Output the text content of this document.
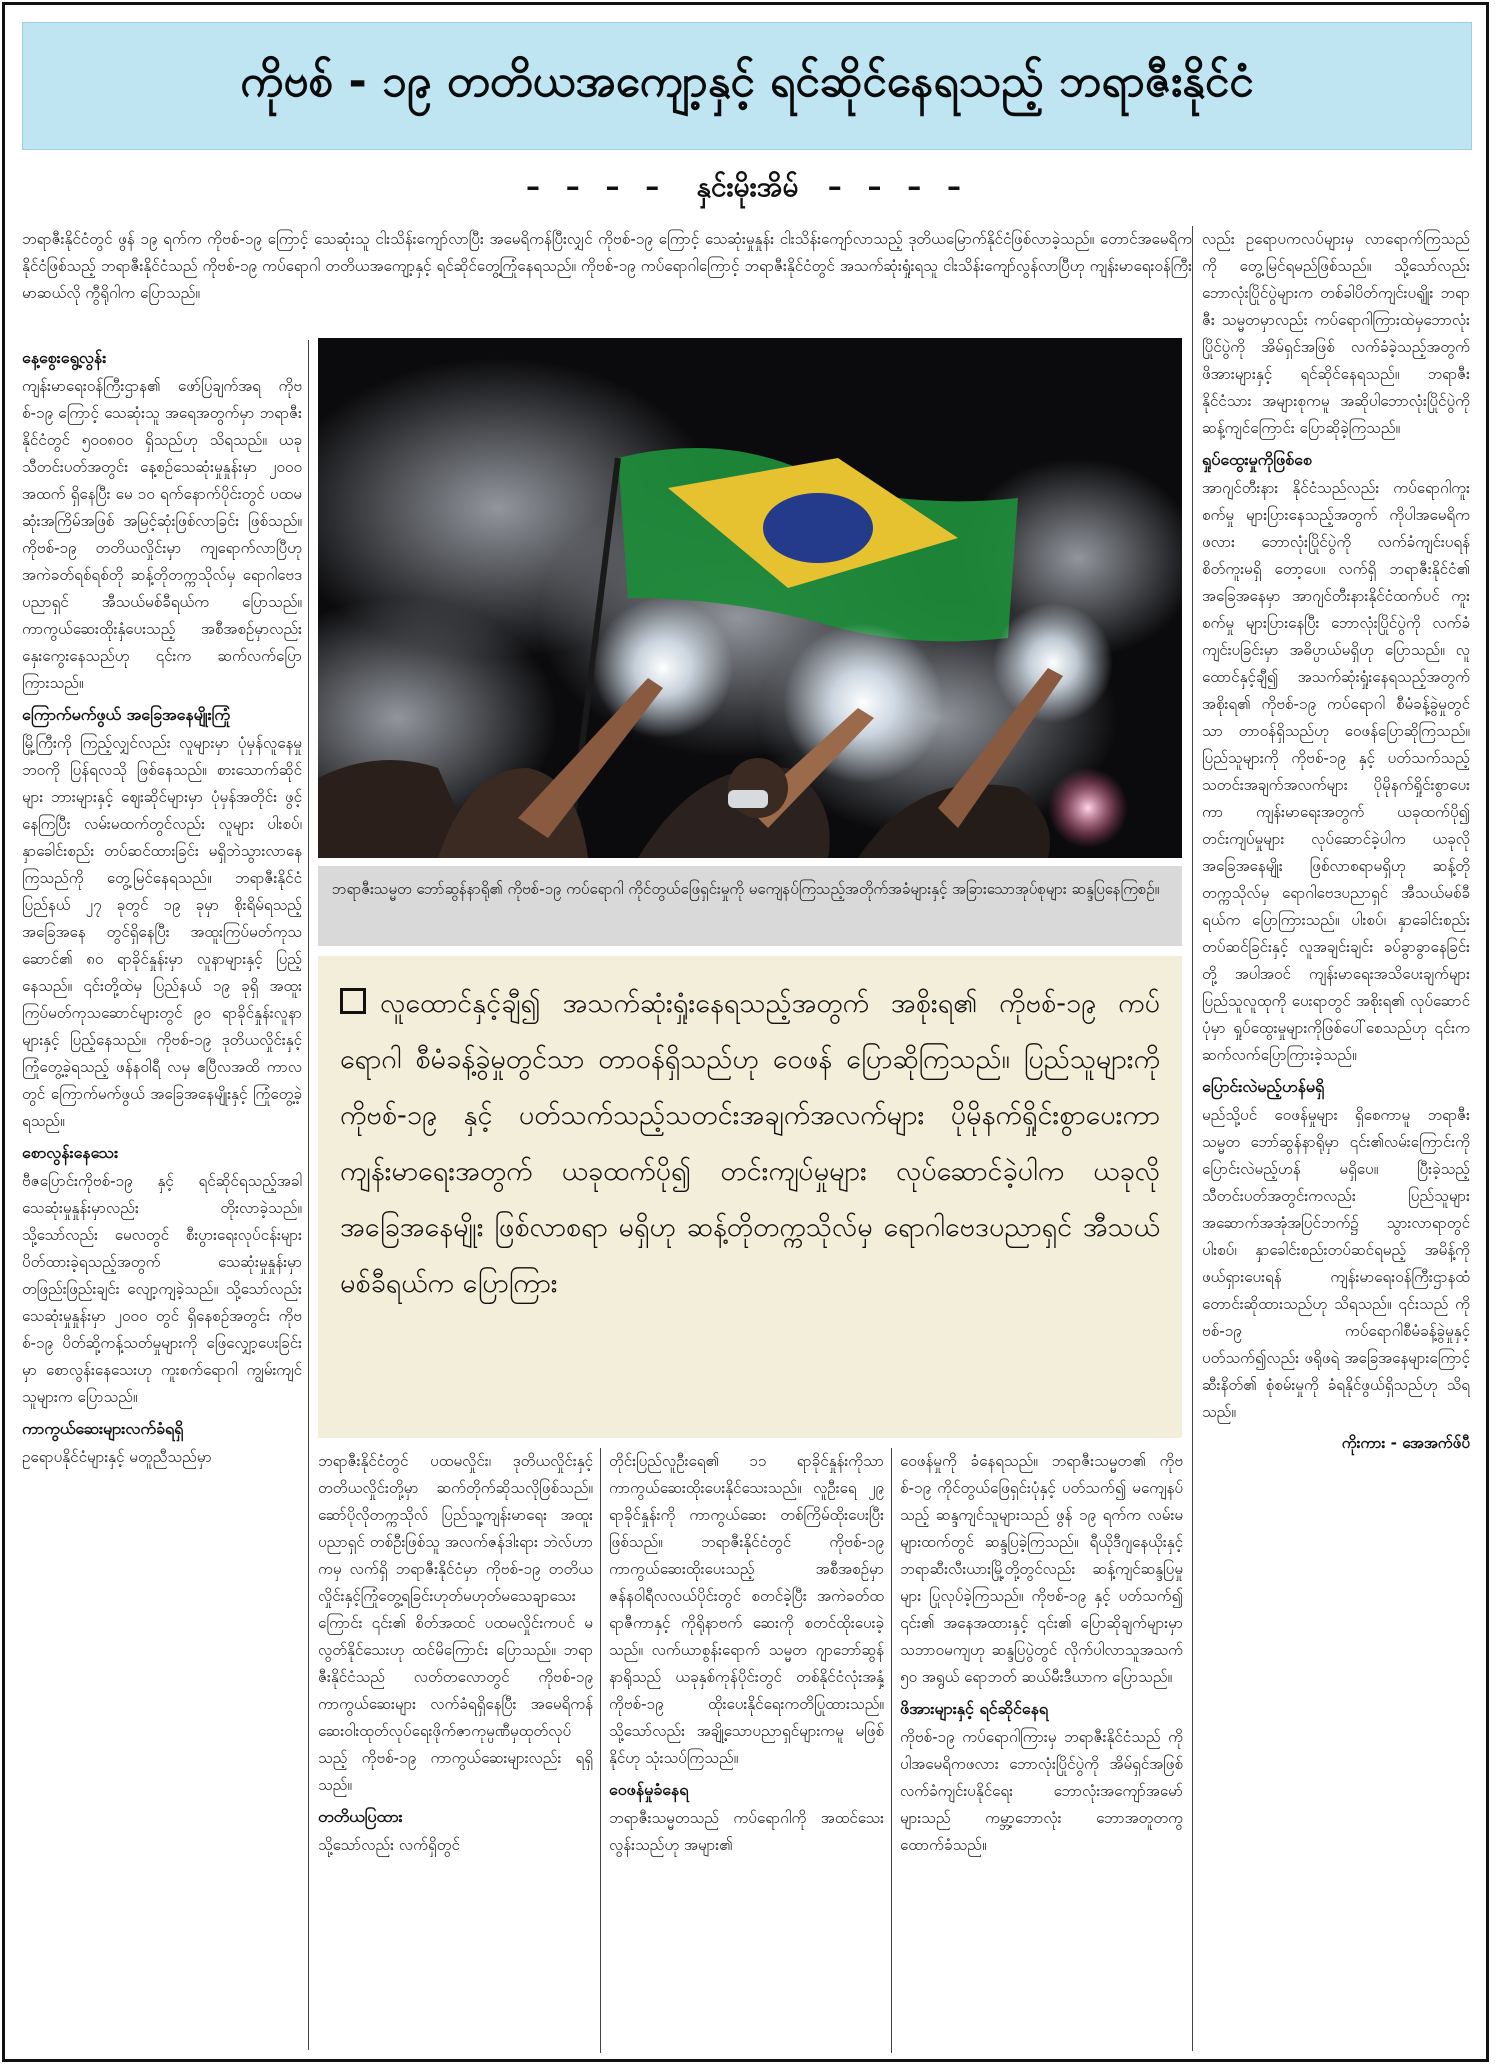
ကိုဗစ် - ၁၉ တတိယအကျော့နှင့် ရင်ဆိုင်နေရသည့် ဘရာဇီးနိုင်ငံ
– – – – နှင်းမိုးအိမ် – – – –

ဘရာဇီးနိုင်ငံတွင် ဖွန် ၁၉ ရက်က ကိုဗစ်-၁၉ ကြောင့် သေဆုံးသူ ငါးသိန်းကျော်လာပြီး အမေရိကန်ပြီးလျှင် ကိုဗစ်-၁၉ ကြောင့် သေဆုံးမှုနှုန်း ငါးသိန်းကျော်လာသည့် ဒုတိယမြောက်နိုင်ငံဖြစ်လာခဲ့သည်။ တောင်အမေရိကနိုင်ငံဖြစ်သည့် ဘရာဇီးနိုင်ငံသည် ကိုဗစ်-၁၉ ကပ်ရောဂါ တတိယအကျော့နှင့် ရင်ဆိုင်တွေ့ကြုံနေရသည်။ ကိုဗစ်-၁၉ ကပ်ရောဂါကြောင့် ဘရာဇီးနိုင်ငံတွင် အသက်ဆုံးရှုံးရသူ ငါးသိန်းကျော်လွန်လာပြီဟု ကျန်းမာရေးဝန်ကြီး မာဆယ်လို ကွီရိုဂါက ပြောသည်။

နေ့စွေးရွေ့လွန်း

ကျန်းမာရေးဝန်ကြီးဌာန၏ ဖော်ပြချက်အရ ကိုဗစ်-၁၉ ကြောင့် သေဆုံးသူ အရေအတွက်မှာ ဘရာဇီးနိုင်ငံတွင် ၅၀၀၈၀၀ ရှိသည်ဟု သိရသည်။ ယခု သီတင်းပတ်အတွင်း နေ့စဉ်သေဆုံးမှုနှုန်းမှာ ၂၀၀၀ အထက် ရှိနေပြီး မေ ၁၀ ရက်နောက်ပိုင်းတွင် ပထမဆုံးအကြိမ်အဖြစ် အမြင့်ဆုံးဖြစ်လာခြင်း ဖြစ်သည်။ ကိုဗစ်-၁၉ တတိယလှိုင်းမှာ ကျရောက်လာပြီဟု အကဲခတ်ရစ်ရစ်တို ဆန့်တိုတက္ကသိုလ်မှ ရောဂါဗေဒပညာရှင် အီသယ်မစ်ခီရယ်က ပြောသည်။ ကာကွယ်ဆေးထိုးနှံပေးသည့် အစီအစဉ်မှာလည်း နှေးကွေးနေသည်ဟု ၎င်းက ဆက်လက်ပြောကြားသည်။

ကြောက်မက်ဖွယ် အခြေအနေမျိုးကြုံ

မြို့ကြီးကို ကြည့်လျှင်လည်း လူများမှာ ပုံမှန်လူနေမှုဘဝကို ပြန်ရလသို ဖြစ်နေသည်။ စားသောက်ဆိုင်များ ဘားများနှင့် ဈေးဆိုင်များမှာ ပုံမှန်အတိုင်း ဖွင့်နေကြပြီး လမ်းမထက်တွင်လည်း လူများ ပါးစပ်၊ နှာခေါင်းစည်း တပ်ဆင်ထားခြင်း မရှိဘဲသွားလာနေကြသည်ကို တွေ့မြင်နေရသည်။ ဘရာဇီးနိုင်ငံ ပြည်နယ် ၂၇ ခုတွင် ၁၉ ခုမှာ စိုးရိမ်ရသည့် အခြေအနေ တွင်ရှိနေပြီး အထူးကြပ်မတ်ကုသဆောင်၏ ၈၀ ရာခိုင်နှုန်းမှာ လူနာများနှင့် ပြည့်နေသည်။ ၎င်းတို့ထဲမှ ပြည်နယ် ၁၉ ခုရှိ အထူးကြပ်မတ်ကုသဆောင်များတွင် ၉၀ ရာခိုင်နှုန်းလူနာများနှင့် ပြည့်နေသည်။ ကိုဗစ်-၁၉ ဒုတိယလှိုင်းနှင့် ကြုံတွေ့ခဲ့ရသည့် ဖန်နဝါရီ လမှ ဧပြီလအထိ ကာလတွင် ကြောက်မက်ဖွယ် အခြေအနေမျိုးနှင့် ကြုံတွေ့ခဲ့ရသည်။

စောလွန်းနေသေး

ဗီဇပြောင်းကိုဗစ်-၁၉ နှင့် ရင်ဆိုင်ရသည့်အခါ သေဆုံးမှုနှုန်းမှာလည်း တိုးလာခဲ့သည်။ သို့သော်လည်း မေလတွင် စီးပွားရေးလုပ်ငန်းများ ပိတ်ထားခဲ့ရသည့်အတွက် သေဆုံးမှုနှုန်းမှာ တဖြည်းဖြည်းချင်း လျော့ကျခဲ့သည်။ သို့သော်လည်း သေဆုံးမှုနှုန်းမှာ ၂၀၀၀ တွင် ရှိနေစဉ်အတွင်း ကိုဗစ်-၁၉ ပိတ်ဆို့ကန့်သတ်မှုများကို ဖြေလျှော့ပေးခြင်းမှာ စောလွန်းနေသေးဟု ကူးစက်ရောဂါ ကျွမ်းကျင်သူများက ပြောသည်။

ကာကွယ်ဆေးများလက်ခံရရှိ

ဥရောပနိုင်ငံများနှင့် မတူညီသည်မှာ

ဘရာဇီးသမ္မတ ဘော်ဆွန်နာရို၏ ကိုဗစ်-၁၉ ကပ်ရောဂါ ကိုင်တွယ်ဖြေရှင်းမှုကို မကျေနပ်ကြသည့်အတိုက်အခံများနှင့် အခြားသောအုပ်စုများ ဆန္ဒပြနေကြစဉ်။
လူထောင်နှင့်ချီ၍ အသက်ဆုံးရှုံးနေရသည့်အတွက် အစိုးရ၏ ကိုဗစ်-၁၉ ကပ်ရောဂါ စီမံခန့်ခွဲမှုတွင်သာ တာဝန်ရှိသည်ဟု ဝေဖန် ပြောဆိုကြသည်။ ပြည်သူများကို ကိုဗစ်-၁၉ နှင့် ပတ်သက်သည့်သတင်းအချက်အလက်များ ပိုမိုနက်ရှိုင်းစွာပေးကာ ကျန်းမာရေးအတွက် ယခုထက်ပို၍ တင်းကျပ်မှုများ လုပ်ဆောင်ခဲ့ပါက ယခုလို အခြေအနေမျိုး ဖြစ်လာစရာ မရှိဟု ဆန့်တိုတက္ကသိုလ်မှ ရောဂါဗေဒပညာရှင် အီသယ်မစ်ခီရယ်က ပြောကြား

ဘရာဇီးနိုင်ငံတွင် ပထမလှိုင်း၊ ဒုတိယလှိုင်းနှင့် တတိယလှိုင်းတို့မှာ ဆက်တိုက်ဆိုသလိုဖြစ်သည်။ ဆော်ပိုလိုတက္ကသိုလ် ပြည်သူ့ကျန်းမာရေး အထူးပညာရှင် တစ်ဦးဖြစ်သူ အလက်ဇန်ဒါးရား ဘဲလ်ဟာကမှ လက်ရှိ ဘရာဇီးနိုင်ငံမှာ ကိုဗစ်-၁၉ တတိယလှိုင်းနှင့်ကြုံတွေ့ရခြင်းဟုတ်မဟုတ်မသေချာသေးကြောင်း ၎င်း၏ စိတ်အထင် ပထမလှိုင်းကပင် မလွတ်နိုင်သေးဟု ထင်မိကြောင်း ပြောသည်။ ဘရာဇီးနိုင်ငံသည် လတ်တလောတွင် ကိုဗစ်-၁၉ ကာကွယ်ဆေးများ လက်ခံရရှိနေပြီး အမေရိကန် ဆေးဝါးထုတ်လုပ်ရေးဖိုက်ဇာကုမ္ပဏီမှထုတ်လုပ်သည့် ကိုဗစ်-၁၉ ကာကွယ်ဆေးများလည်း ရရှိသည်။

တတိယပြထား

သို့သော်လည်း လက်ရှိတွင်

တိုင်းပြည်လူဦးရေ၏ ၁၁ ရာခိုင်နှုန်းကိုသာ ကာကွယ်ဆေးထိုးပေးနိုင်သေးသည်။ လူဦးရေ ၂၉ ရာခိုင်နှုန်းကို ကာကွယ်ဆေး တစ်ကြိမ်ထိုးပေးပြီးဖြစ်သည်။ ဘရာဇီးနိုင်ငံတွင် ကိုဗစ်-၁၉ ကာကွယ်ဆေးထိုးပေးသည့် အစီအစဉ်မှာ ဇန်နဝါရီလလယ်ပိုင်းတွင် စတင်ခဲ့ပြီး အကဲခတ်ထရာဇီကာနှင့် ကိုရိုနာဗက် ဆေးကို စတင်ထိုးပေးခဲ့သည်။ လက်ယာစွန်းရောက် သမ္မတ ဂျာဘော်ဆွန်နာရိုသည် ယခုနှစ်ကုန်ပိုင်းတွင် တစ်နိုင်ငံလုံးအနှံ့ ကိုဗစ်-၁၉ ထိုးပေးနိုင်ရေးကတိပြုထားသည်။ သို့သော်လည်း အချို့သောပညာရှင်များကမူ မဖြစ်နိုင်ဟု သုံးသပ်ကြသည်။

ဝေဖန်မှုခံနေရ

ဘရာဇီးသမ္မတသည် ကပ်ရောဂါကို အထင်သေးလွန်းသည်ဟု အများ၏

ဝေဖန်မှုကို ခံနေရသည်။ ဘရာဇီးသမ္မတ၏ ကိုဗစ်-၁၉ ကိုင်တွယ်ဖြေရှင်းပုံနှင့် ပတ်သက်၍ မကျေနပ်သည့် ဆန္ဒကျင်သူများသည် ဖွန် ၁၉ ရက်က လမ်းမများထက်တွင် ဆန္ဒပြခဲ့ကြသည်။ ရီယိုဒီဂျနေယိုးနှင့် ဘရာဆီးလီးယားမြို့တို့တွင်လည်း ဆန့်ကျင်ဆန္ဒပြမှုများ ပြုလုပ်ခဲ့ကြသည်။ ကိုဗစ်-၁၉ နှင့် ပတ်သက်၍ ၎င်း၏ အနေအထားနှင့် ၎င်း၏ ပြောဆိုချက်များမှာ သဘာဝမကျဟု ဆန္ဒပြပွဲတွင် လိုက်ပါလာသူအသက် ၅၀ အရွယ် ရောဘတ် ဆယ်မီးဒီယာက ပြောသည်။

ဖိအားများနှင့် ရင်ဆိုင်နေရ

ကိုဗစ်-၁၉ ကပ်ရောဂါကြားမှ ဘရာဇီးနိုင်ငံသည် ကိုပါအမေရိကဖလား ဘောလုံးပြိုင်ပွဲကို အိမ်ရှင်အဖြစ် လက်ခံကျင်းပနိုင်ရေး ဘောလုံးအကျော်အမော်များသည် ကမ္ဘာ့ဘောလုံး ဘောအတူတကွ ထောက်ခံသည်။

လည်း ဥရောပကလပ်များမှ လာရောက်ကြသည်ကို တွေ့မြင်ရမည်ဖြစ်သည်။ သို့သော်လည်း ဘောလုံးပြိုင်ပွဲများက တစ်ခါပိတ်ကျင်းပရျိုး ဘရာဇီး သမ္မတမှာလည်း ကပ်ရောဂါကြားထဲမှဘောလုံးပြိုင်ပွဲကို အိမ်ရှင်အဖြစ် လက်ခံခဲ့သည့်အတွက် ဖိအားများနှင့် ရင်ဆိုင်နေရသည်။ ဘရာဇီးနိုင်ငံသား အများစုကမူ အဆိုပါဘောလုံးပြိုင်ပွဲကို ဆန့်ကျင်ကြောင်း ပြောဆိုခဲ့ကြသည်။

ရှုပ်ထွေးမှုကိုဖြစ်စေ

အာဂျင်တီးနား နိုင်ငံသည်လည်း ကပ်ရောဂါကူးစက်မှု များပြားနေသည့်အတွက် ကိုပါအမေရိကဖလား ဘောလုံးပြိုင်ပွဲကို လက်ခံကျင်းပရန် စိတ်ကူးမရှိ တော့ပေ။ လက်ရှိ ဘရာဇီးနိုင်ငံ၏ အခြေအနေမှာ အာဂျင်တီးနားနိုင်ငံထက်ပင် ကူးစက်မှု များပြားနေပြီး ဘောလုံးပြိုင်ပွဲကို လက်ခံကျင်းပခြင်းမှာ အဓိပ္ပာယ်မရှိဟု ပြောသည်။ လူထောင်နှင့်ချီ၍ အသက်ဆုံးရှုံးနေရသည့်အတွက် အစိုးရ၏ ကိုဗစ်-၁၉ ကပ်ရောဂါ စီမံခန့်ခွဲမှုတွင်သာ တာဝန်ရှိသည်ဟု ဝေဖန်ပြောဆိုကြသည်။ ပြည်သူများကို ကိုဗစ်-၁၉ နှင့် ပတ်သက်သည့်သတင်းအချက်အလက်များ ပိုမိုနက်ရှိုင်းစွာပေးကာ ကျန်းမာရေးအတွက် ယခုထက်ပို၍ တင်းကျပ်မှုများ လုပ်ဆောင်ခဲ့ပါက ယခုလို အခြေအနေမျိုး ဖြစ်လာစရာမရှိဟု ဆန့်တိုတက္ကသိုလ်မှ ရောဂါဗေဒပညာရှင် အီသယ်မစ်ခီရယ်က ပြောကြားသည်။ ပါးစပ်၊ နှာခေါင်းစည်း တပ်ဆင်ခြင်းနှင့် လူအချင်းချင်း ခပ်ခွာခွာနေခြင်းတို့ အပါအဝင် ကျန်းမာရေးအသိပေးချက်များ ပြည်သူလူထုကို ပေးရာတွင် အစိုးရ၏ လုပ်ဆောင်ပုံမှာ ရှုပ်ထွေးမှုများကိုဖြစ်ပေါ်စေသည်ဟု ၎င်းက ဆက်လက်ပြောကြားခဲ့သည်။

ပြောင်းလဲမည့်ဟန်မရှိ

မည်သို့ပင် ဝေဖန်မှုများ ရှိစေကာမူ ဘရာဇီးသမ္မတ ဘော်ဆွန်နာရိုမှာ ၎င်း၏လမ်းကြောင်းကို ပြောင်းလဲမည့်ဟန် မရှိပေ။ ပြီးခဲ့သည့် သီတင်းပတ်အတွင်းကလည်း ပြည်သူများ အဆောက်အအုံအပြင်ဘက်၌ သွားလာရာတွင် ပါးစပ်၊ နှာခေါင်းစည်းတပ်ဆင်ရမည့် အမိန့်ကို ဖယ်ရှားပေးရန် ကျန်းမာရေးဝန်ကြီးဌာနထံ တောင်းဆိုထားသည်ဟု သိရသည်။ ၎င်းသည် ကိုဗစ်-၁၉ ကပ်ရောဂါစီမံခန့်ခွဲမှုနှင့် ပတ်သက်၍လည်း ဖရိုဖရဲ အခြေအနေများကြောင့် ဆီးနိတ်၏ စုံစမ်းမှုကို ခံရနိုင်ဖွယ်ရှိသည်ဟု သိရသည်။

ကိုးကား - အေအက်ဖ်ပီ
